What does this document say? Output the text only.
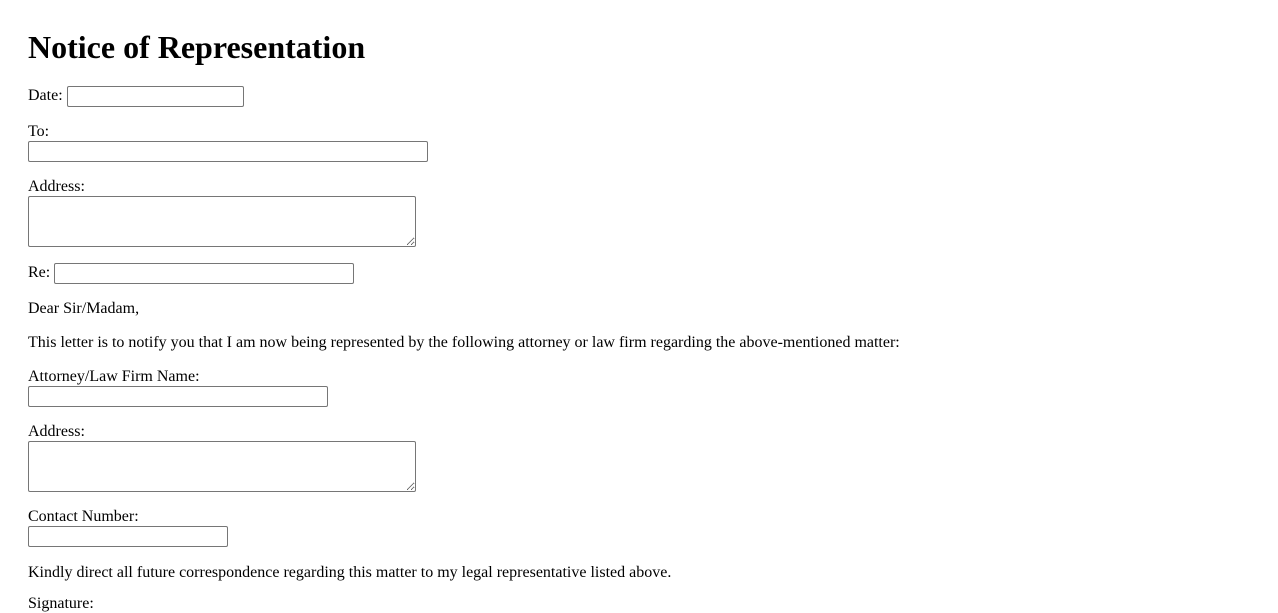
Notice of Representation
Date:
To:
Address:
Re:
Dear Sir/Madam,
This letter is to notify you that I am now being represented by the following attorney or law firm regarding the above-mentioned matter:
Attorney/Law Firm Name:
Address:
Contact Number:
Kindly direct all future correspondence regarding this matter to my legal representative listed above.
Signature:
